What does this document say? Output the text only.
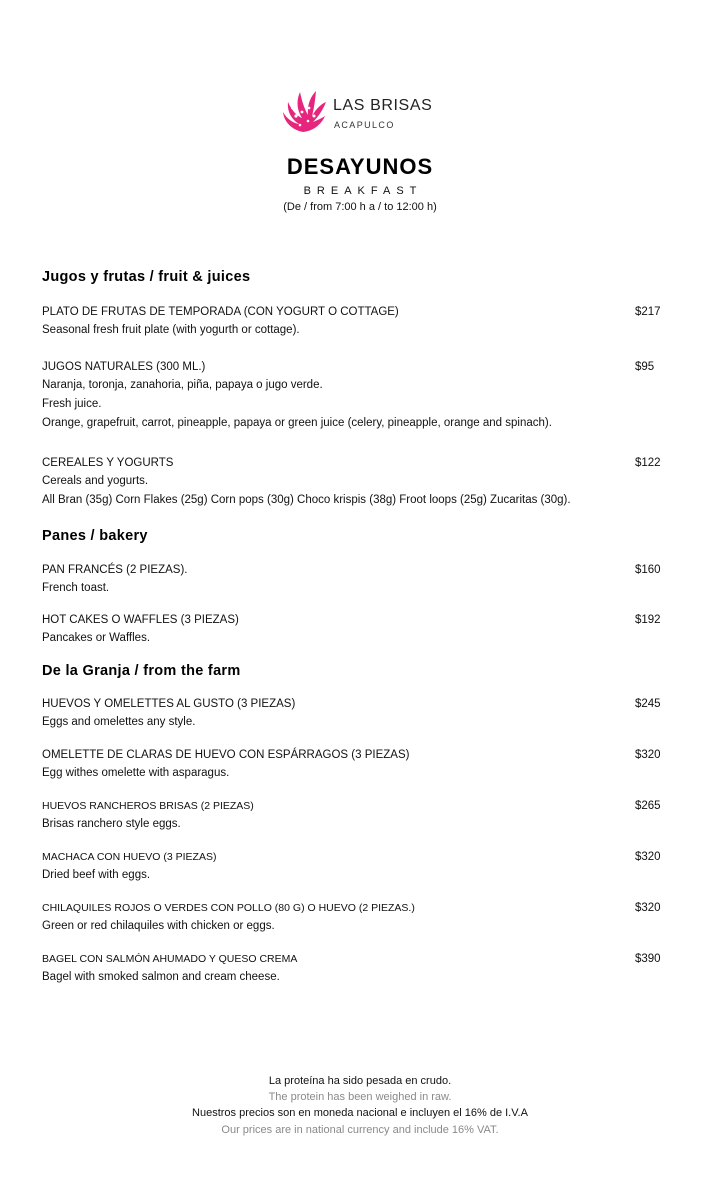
LAS BRISAS
ACAPULCO
DESAYUNOS
BREAKFAST
(De / from 7:00 h a / to 12:00 h)
Jugos y frutas / fruit & juices
PLATO DE FRUTAS DE TEMPORADA (CON YOGURT O COTTAGE)
Seasonal fresh fruit plate (with yogurth or cottage).
$217
JUGOS NATURALES (300 ML.)
Naranja, toronja, zanahoria, piña, papaya o jugo verde.
Fresh juice.
Orange, grapefruit, carrot, pineapple, papaya or green juice (celery, pineapple, orange and spinach).
$95
CEREALES Y YOGURTS
Cereals and yogurts.
All Bran (35g) Corn Flakes (25g) Corn pops (30g) Choco krispis (38g) Froot loops (25g) Zucaritas (30g).
$122
Panes / bakery
PAN FRANCÉS (2 PIEZAS).
French toast.
$160
HOT CAKES O WAFFLES (3 PIEZAS)
Pancakes or Waffles.
$192
De la Granja / from the farm
HUEVOS Y OMELETTES AL GUSTO (3 PIEZAS)
Eggs and omelettes any style.
$245
OMELETTE DE CLARAS DE HUEVO CON ESPÁRRAGOS (3 PIEZAS)
Egg withes omelette with asparagus.
$320
HUEVOS RANCHEROS BRISAS (2 PIEZAS)
Brisas ranchero style eggs.
$265
MACHACA CON HUEVO (3 PIEZAS)
Dried beef with eggs.
$320
CHILAQUILES ROJOS O VERDES CON POLLO (80 G) O HUEVO (2 PIEZAS.)
Green or red chilaquiles with chicken or eggs.
$320
BAGEL CON SALMÓN AHUMADO Y QUESO CREMA
Bagel with smoked salmon and cream cheese.
$390
La proteína ha sido pesada en crudo.
The protein has been weighed in raw.
Nuestros precios son en moneda nacional e incluyen el 16% de I.V.A
Our prices are in national currency and include 16% VAT.
